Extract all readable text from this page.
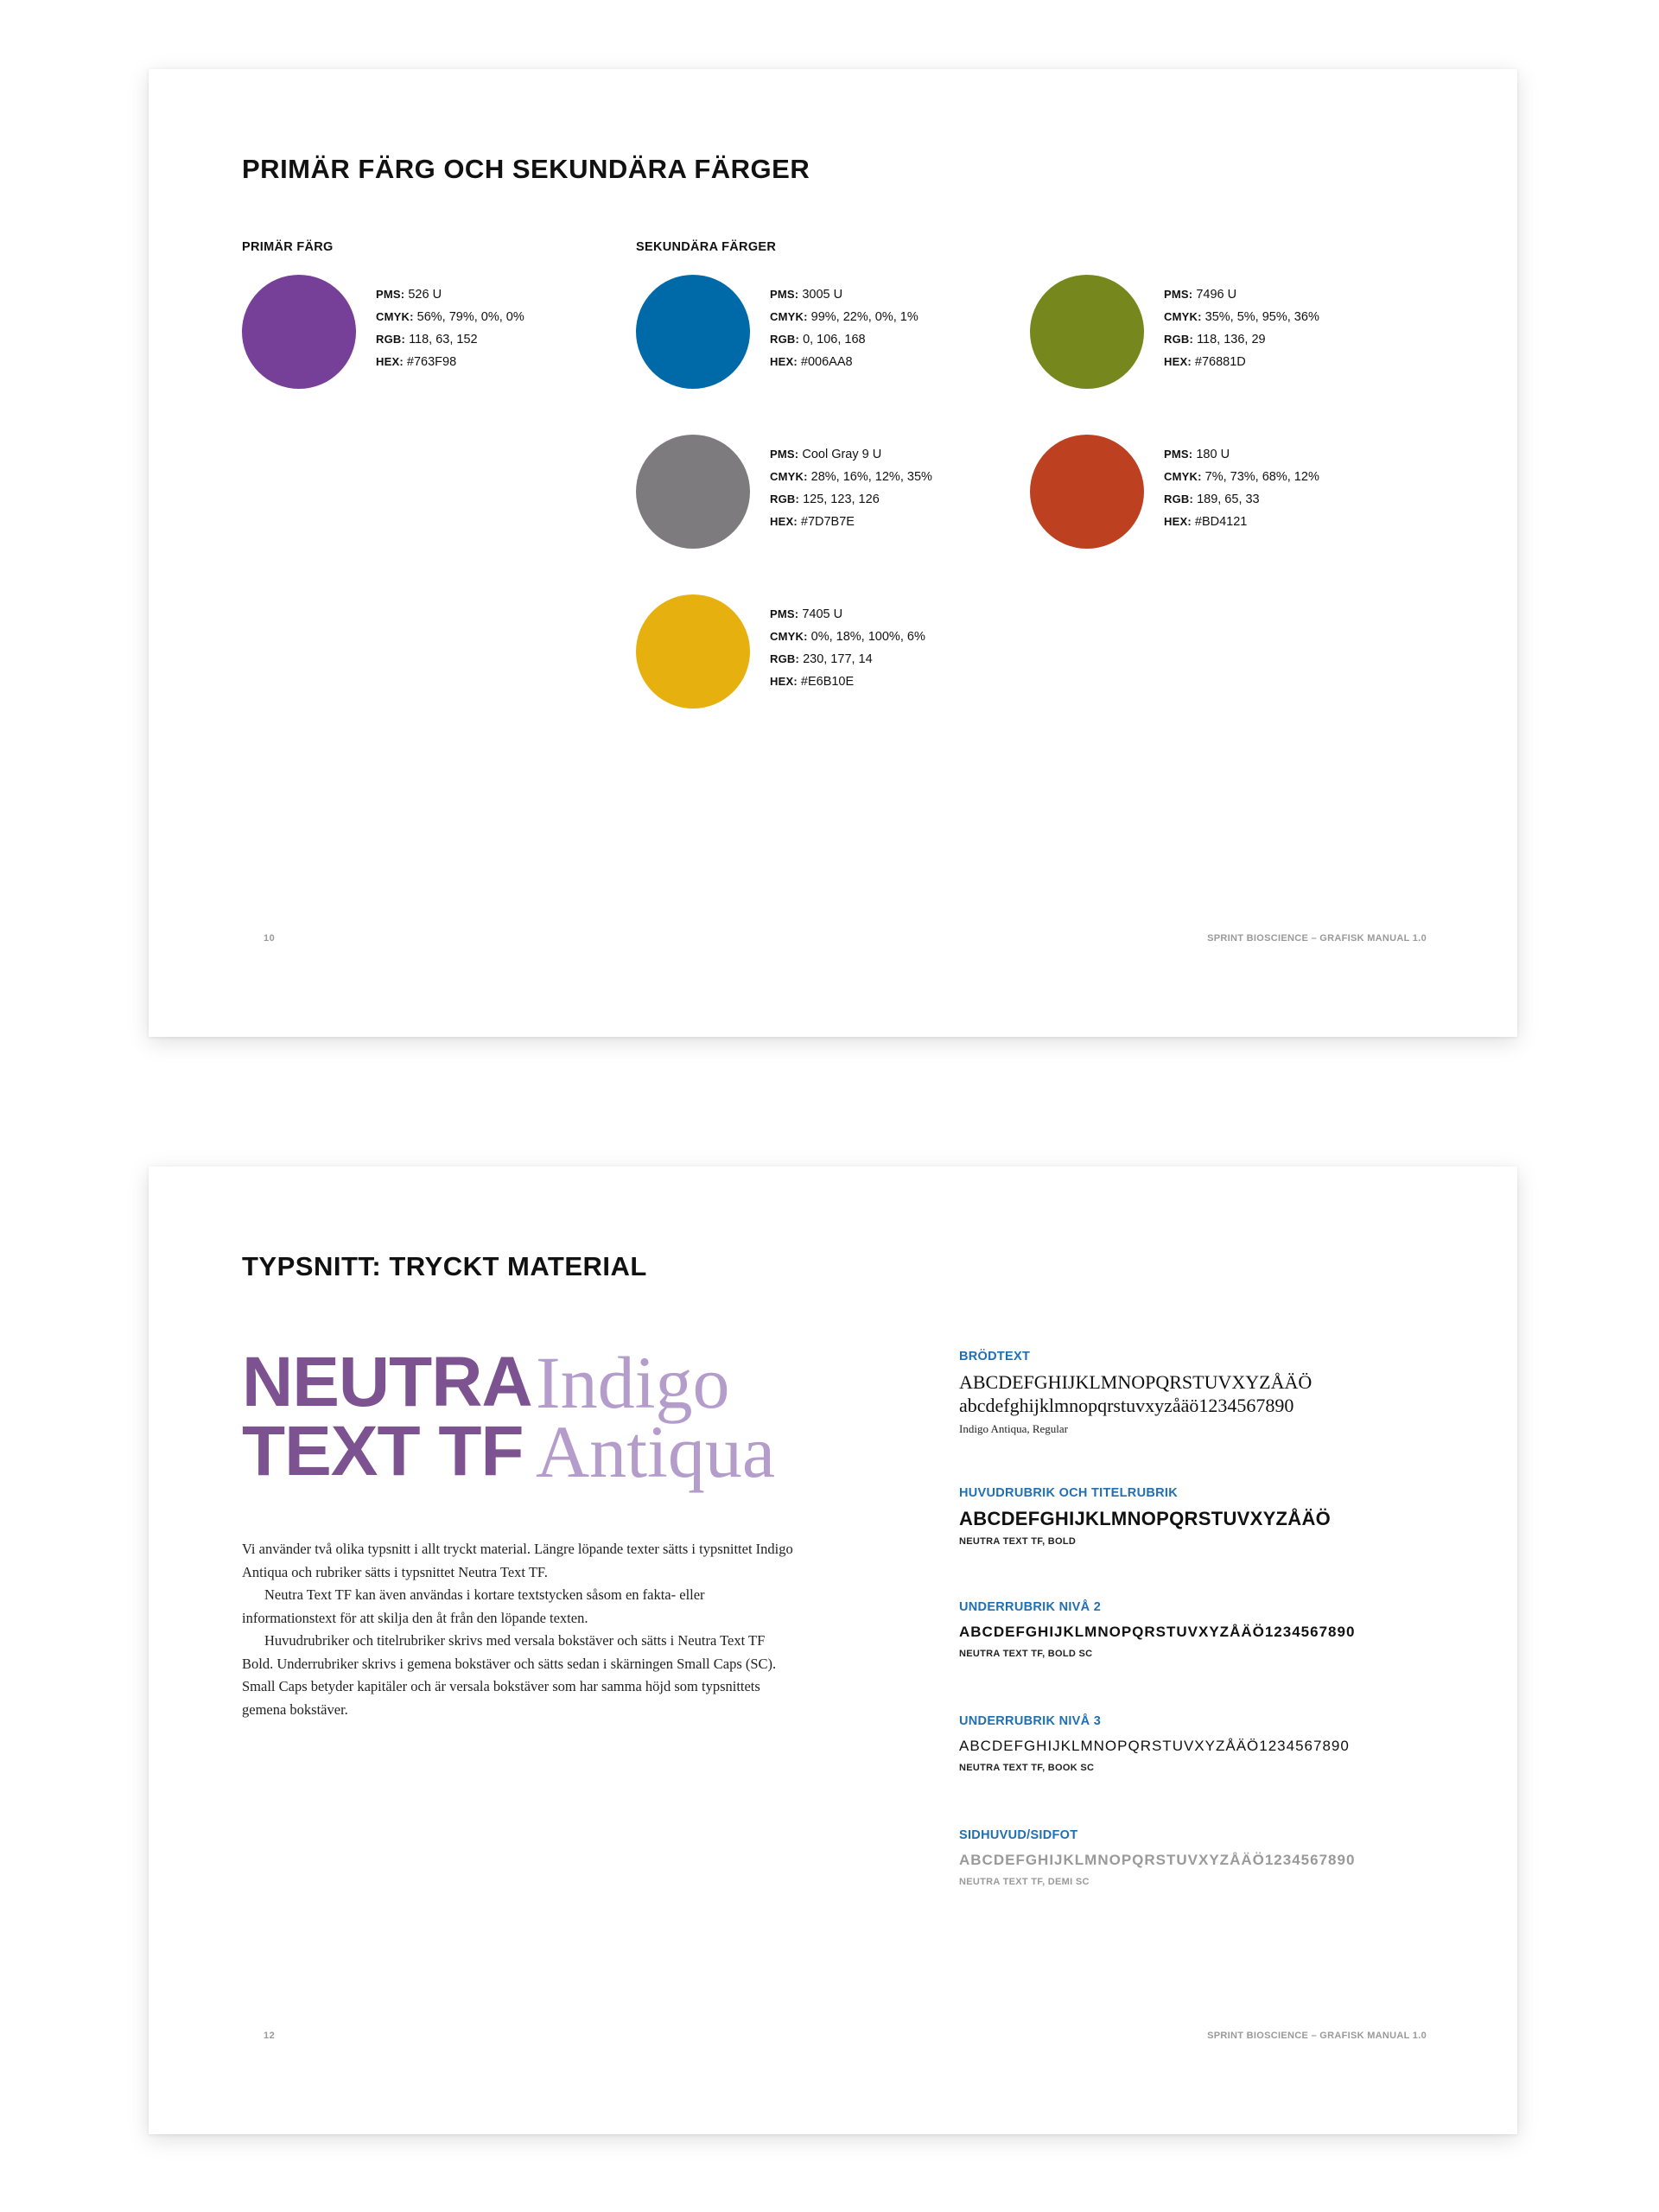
PRIMÄR FÄRG OCH SEKUNDÄRA FÄRGER
PRIMÄR FÄRG	SEKUNDÄRA FÄRGER
PMS: 526 U
CMYK: 56%, 79%, 0%, 0%
RGB: 118, 63, 152
HEX: #763F98
PMS: 3005 U
CMYK: 99%, 22%, 0%, 1%
RGB: 0, 106, 168
HEX: #006AA8
PMS: 7496 U
CMYK: 35%, 5%, 95%, 36%
RGB: 118, 136, 29
HEX: #76881D
PMS: Cool Gray 9 U
CMYK: 28%, 16%, 12%, 35%
RGB: 125, 123, 126
HEX: #7D7B7E
PMS: 180 U
CMYK: 7%, 73%, 68%, 12%
RGB: 189, 65, 33
HEX: #BD4121
PMS: 7405 U
CMYK: 0%, 18%, 100%, 6%
RGB: 230, 177, 14
HEX: #E6B10E
10	SPRINT BIOSCIENCE – GRAFISK MANUAL 1.0
TYPSNITT: TRYCKT MATERIAL
NEUTRA
TEXT TF
Indigo
Antiqua

Vi använder två olika typsnitt i allt tryckt material. Längre löpande texter sätts i typsnittet Indigo Antiqua och rubriker sätts i typsnittet Neutra Text TF.

Neutra Text TF kan även användas i kortare textstycken såsom en fakta- eller informationstext för att skilja den åt från den löpande texten.

Huvudrubriker och titelrubriker skrivs med versala bokstäver och sätts i Neutra Text TF Bold. Underrubriker skrivs i gemena bokstäver och sätts sedan i skärningen Small Caps (SC). Small Caps betyder kapitäler och är versala bokstäver som har samma höjd som typsnittets gemena bokstäver.

BRÖDTEXT
ABCDEFGHIJKLMNOPQRSTUVXYZÅÄÖ
abcdefghijklmnopqrstuvxyzåäö1234567890
Indigo Antiqua, Regular
HUVUDRUBRIK OCH TITELRUBRIK
ABCDEFGHIJKLMNOPQRSTUVXYZÅÄÖ
NEUTRA TEXT TF, BOLD
UNDERRUBRIK NIVÅ 2
ABCDEFGHIJKLMNOPQRSTUVXYZÅÄÖ1234567890
NEUTRA TEXT TF, BOLD SC
UNDERRUBRIK NIVÅ 3
ABCDEFGHIJKLMNOPQRSTUVXYZÅÄÖ1234567890
NEUTRA TEXT TF, BOOK SC
SIDHUVUD/SIDFOT
ABCDEFGHIJKLMNOPQRSTUVXYZÅÄÖ1234567890
NEUTRA TEXT TF, DEMI SC
12	SPRINT BIOSCIENCE – GRAFISK MANUAL 1.0
